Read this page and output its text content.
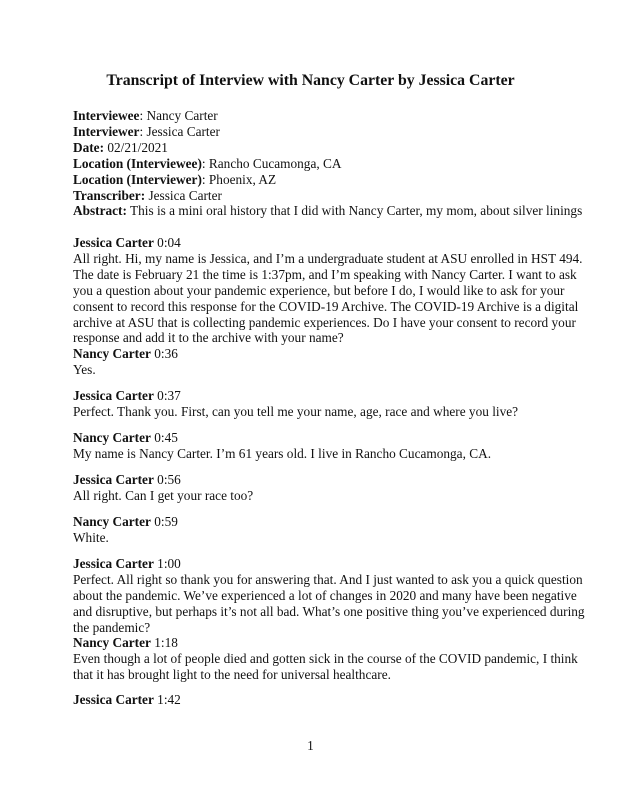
Transcript of Interview with Nancy Carter by Jessica Carter
Interviewee: Nancy Carter
Interviewer: Jessica Carter
Date: 02/21/2021
Location (Interviewee): Rancho Cucamonga, CA
Location (Interviewer): Phoenix, AZ
Transcriber: Jessica Carter
Abstract: This is a mini oral history that I did with Nancy Carter, my mom, about silver linings
Jessica Carter 0:04
All right. Hi, my name is Jessica, and I’m a undergraduate student at ASU enrolled in HST 494.
The date is February 21 the time is 1:37pm, and I’m speaking with Nancy Carter. I want to ask
you a question about your pandemic experience, but before I do, I would like to ask for your
consent to record this response for the COVID-19 Archive. The COVID-19 Archive is a digital
archive at ASU that is collecting pandemic experiences. Do I have your consent to record your
response and add it to the archive with your name?
Nancy Carter 0:36
Yes.
Jessica Carter 0:37
Perfect. Thank you. First, can you tell me your name, age, race and where you live?
Nancy Carter 0:45
My name is Nancy Carter. I’m 61 years old. I live in Rancho Cucamonga, CA.
Jessica Carter 0:56
All right. Can I get your race too?
Nancy Carter 0:59
White.
Jessica Carter 1:00
Perfect. All right so thank you for answering that. And I just wanted to ask you a quick question
about the pandemic. We’ve experienced a lot of changes in 2020 and many have been negative
and disruptive, but perhaps it’s not all bad. What’s one positive thing you’ve experienced during
the pandemic?
Nancy Carter 1:18
Even though a lot of people died and gotten sick in the course of the COVID pandemic, I think
that it has brought light to the need for universal healthcare.
Jessica Carter 1:42
1
